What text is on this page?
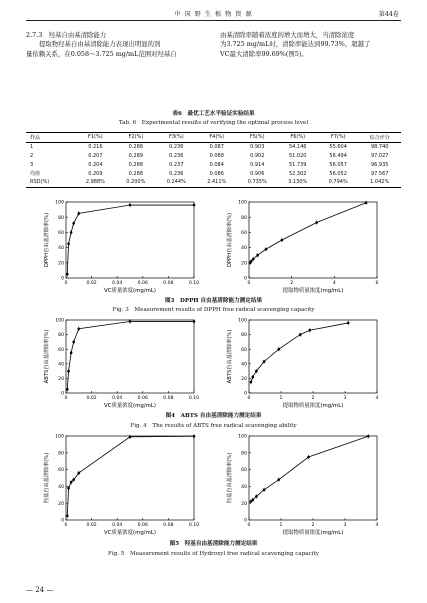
中 国 野 生 植 物 资 源	第44卷
2.7.3　羟基自由基清除能力
提取物羟基自由基清除能力表现出明显的剂
量依赖关系，在0.058～3.725 mg/mL范围对羟基自
由基清除率随着浓度的增大而增大，当清除浓度
为3.725 mg/mL时，清除率能达到99.73%，超越了
VC最大清除率99.69%(图5)。
表6　最优工艺水平验证实验结果
Tab. 6　Experimental results of verifying the optimal process level
样品	F1(%)	F2(%)	F3(%)	F4(%)	F5(%)	F6(%)	F7(%)	综合评分
1	0.216	0.288	0.236	0.087	0.903	54.146	55.604	98.740
2	0.207	0.289	0.236	0.088	0.902	51.020	56.494	97.027
3	0.204	0.288	0.237	0.084	0.914	51.739	56.057	96.935
均值	0.209	0.288	0.236	0.086	0.906	52.302	56.052	97.567
RSD(%)	2.988%	0.200%	0.244%	2.411%	0.735%	3.130%	0.794%	1.042%
0	0.02	0.04	0.06	0.08	0.10
0
20
40
60
80
100
VC质量浓度(mg/mL)
DPPH自由基清除率(%)
0	2	4	6
0
20
40
60
80
100
提取物质量浓度(mg/mL)
DPPH自由基清除率(%)
图3　DPPH 自由基清除能力测定结果
Fig. 3　Measurement results of DPPH free radical scavenging capacity
0	0.02	0.04	0.06	0.08	0.10
0
20
40
60
80
100
VC质量浓度(mg/mL)
ABTS自由基清除率(%)
0	1	2	3	4
0
20
40
60
80
100
提取物质量浓度(mg/mL)
ABTS自由基清除率(%)
图4　ABTS 自由基清除能力测定结果
Fig. 4　The results of ABTS free radical scavenging ability
0	0.02	0.04	0.06	0.08	0.10
0
20
40
60
80
100
VC质量浓度(mg/mL)
羟基自由基清除率(%)
0	1	2	3	4
0
20
40
60
80
100
提取物质量浓度(mg/mL)
羟基自由基清除率(%)
图5　羟基自由基清除能力测定结果
Fig. 5　Measurement results of Hydroxyl free radical scavenging capacity
— 24 —
